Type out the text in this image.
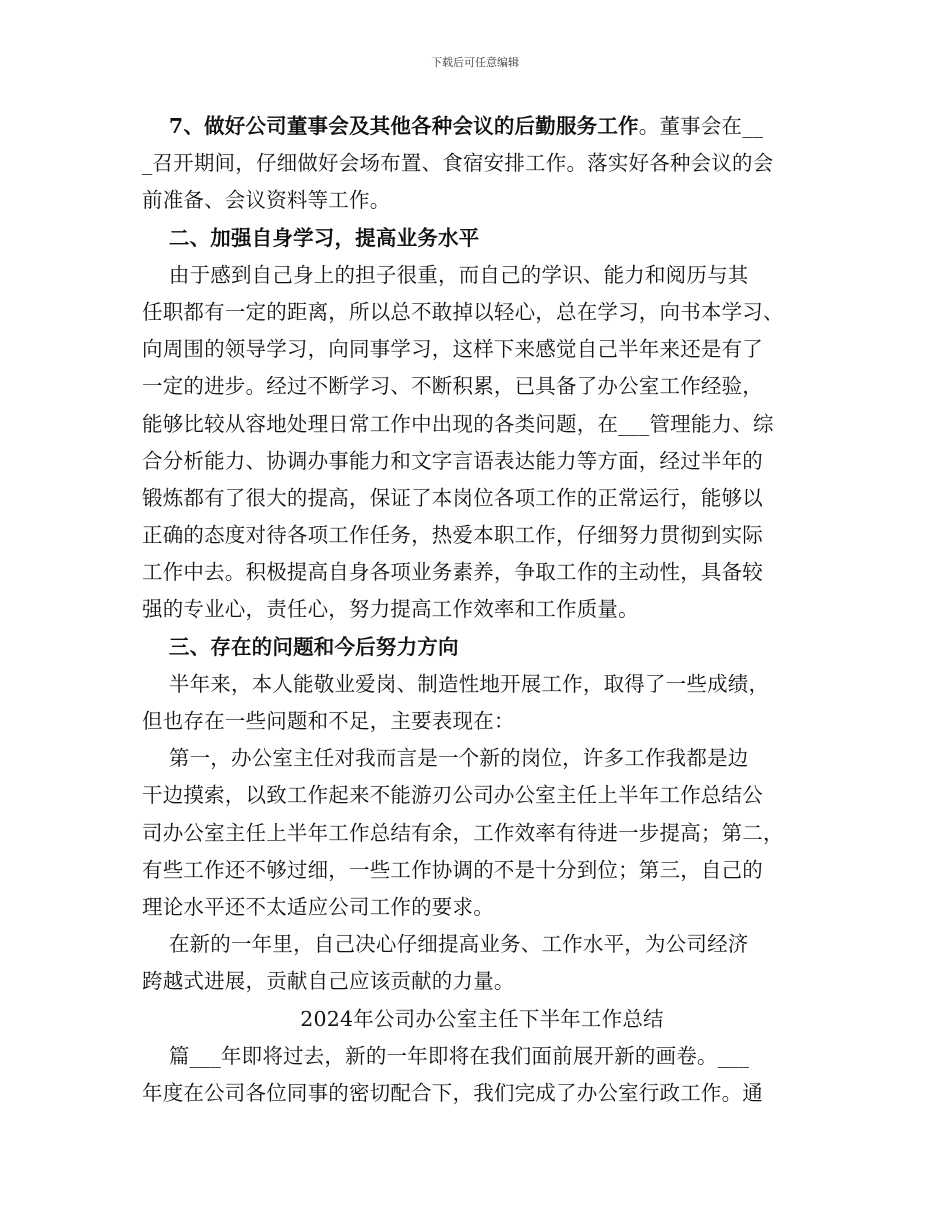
下载后可任意编辑
7、做好公司董事会及其他各种会议的后勤服务工作。董事会在__
_召开期间，仔细做好会场布置、食宿安排工作。落实好各种会议的会
前准备、会议资料等工作。
二、加强自身学习，提高业务水平
由于感到自己身上的担子很重，而自己的学识、能力和阅历与其
任职都有一定的距离，所以总不敢掉以轻心，总在学习，向书本学习、
向周围的领导学习，向同事学习，这样下来感觉自己半年来还是有了
一定的进步。经过不断学习、不断积累，已具备了办公室工作经验，
能够比较从容地处理日常工作中出现的各类问题，在___管理能力、综
合分析能力、协调办事能力和文字言语表达能力等方面，经过半年的
锻炼都有了很大的提高，保证了本岗位各项工作的正常运行，能够以
正确的态度对待各项工作任务，热爱本职工作，仔细努力贯彻到实际
工作中去。积极提高自身各项业务素养，争取工作的主动性，具备较
强的专业心，责任心，努力提高工作效率和工作质量。
三、存在的问题和今后努力方向
半年来，本人能敬业爱岗、制造性地开展工作，取得了一些成绩，
但也存在一些问题和不足，主要表现在：
第一，办公室主任对我而言是一个新的岗位，许多工作我都是边
干边摸索，以致工作起来不能游刃公司办公室主任上半年工作总结公
司办公室主任上半年工作总结有余，工作效率有待进一步提高；第二，
有些工作还不够过细，一些工作协调的不是十分到位；第三，自己的
理论水平还不太适应公司工作的要求。
在新的一年里，自己决心仔细提高业务、工作水平，为公司经济
跨越式进展，贡献自己应该贡献的力量。
2024年公司办公室主任下半年工作总结
篇___年即将过去，新的一年即将在我们面前展开新的画卷。___
年度在公司各位同事的密切配合下，我们完成了办公室行政工作。通
